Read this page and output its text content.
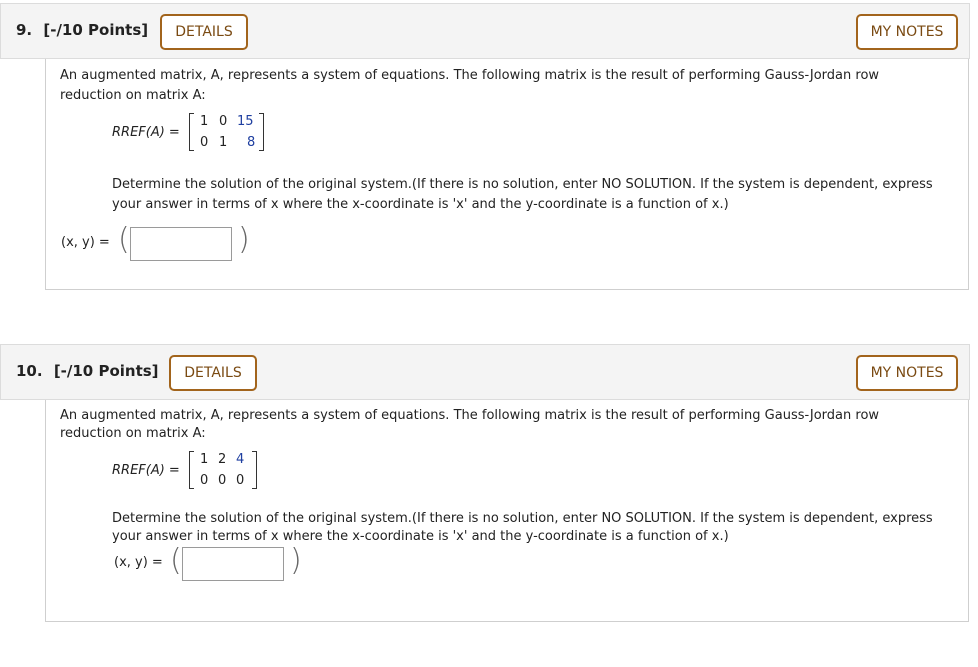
9. [-/10 Points]	DETAILS	MY NOTES
An augmented matrix, A, represents a system of equations. The following matrix is the result of performing Gauss-Jordan row
reduction on matrix A:
RREF(A) =
1 0 15
0 1 8
Determine the solution of the original system.(If there is no solution, enter NO SOLUTION. If the system is dependent, express
your answer in terms of x where the x-coordinate is 'x' and the y-coordinate is a function of x.)
(x, y) = (	)
10. [-/10 Points]	DETAILS	MY NOTES
An augmented matrix, A, represents a system of equations. The following matrix is the result of performing Gauss-Jordan row
reduction on matrix A:
RREF(A) =
1 2 4
0 0 0
Determine the solution of the original system.(If there is no solution, enter NO SOLUTION. If the system is dependent, express
your answer in terms of x where the x-coordinate is 'x' and the y-coordinate is a function of x.)
(x, y) = (	)
